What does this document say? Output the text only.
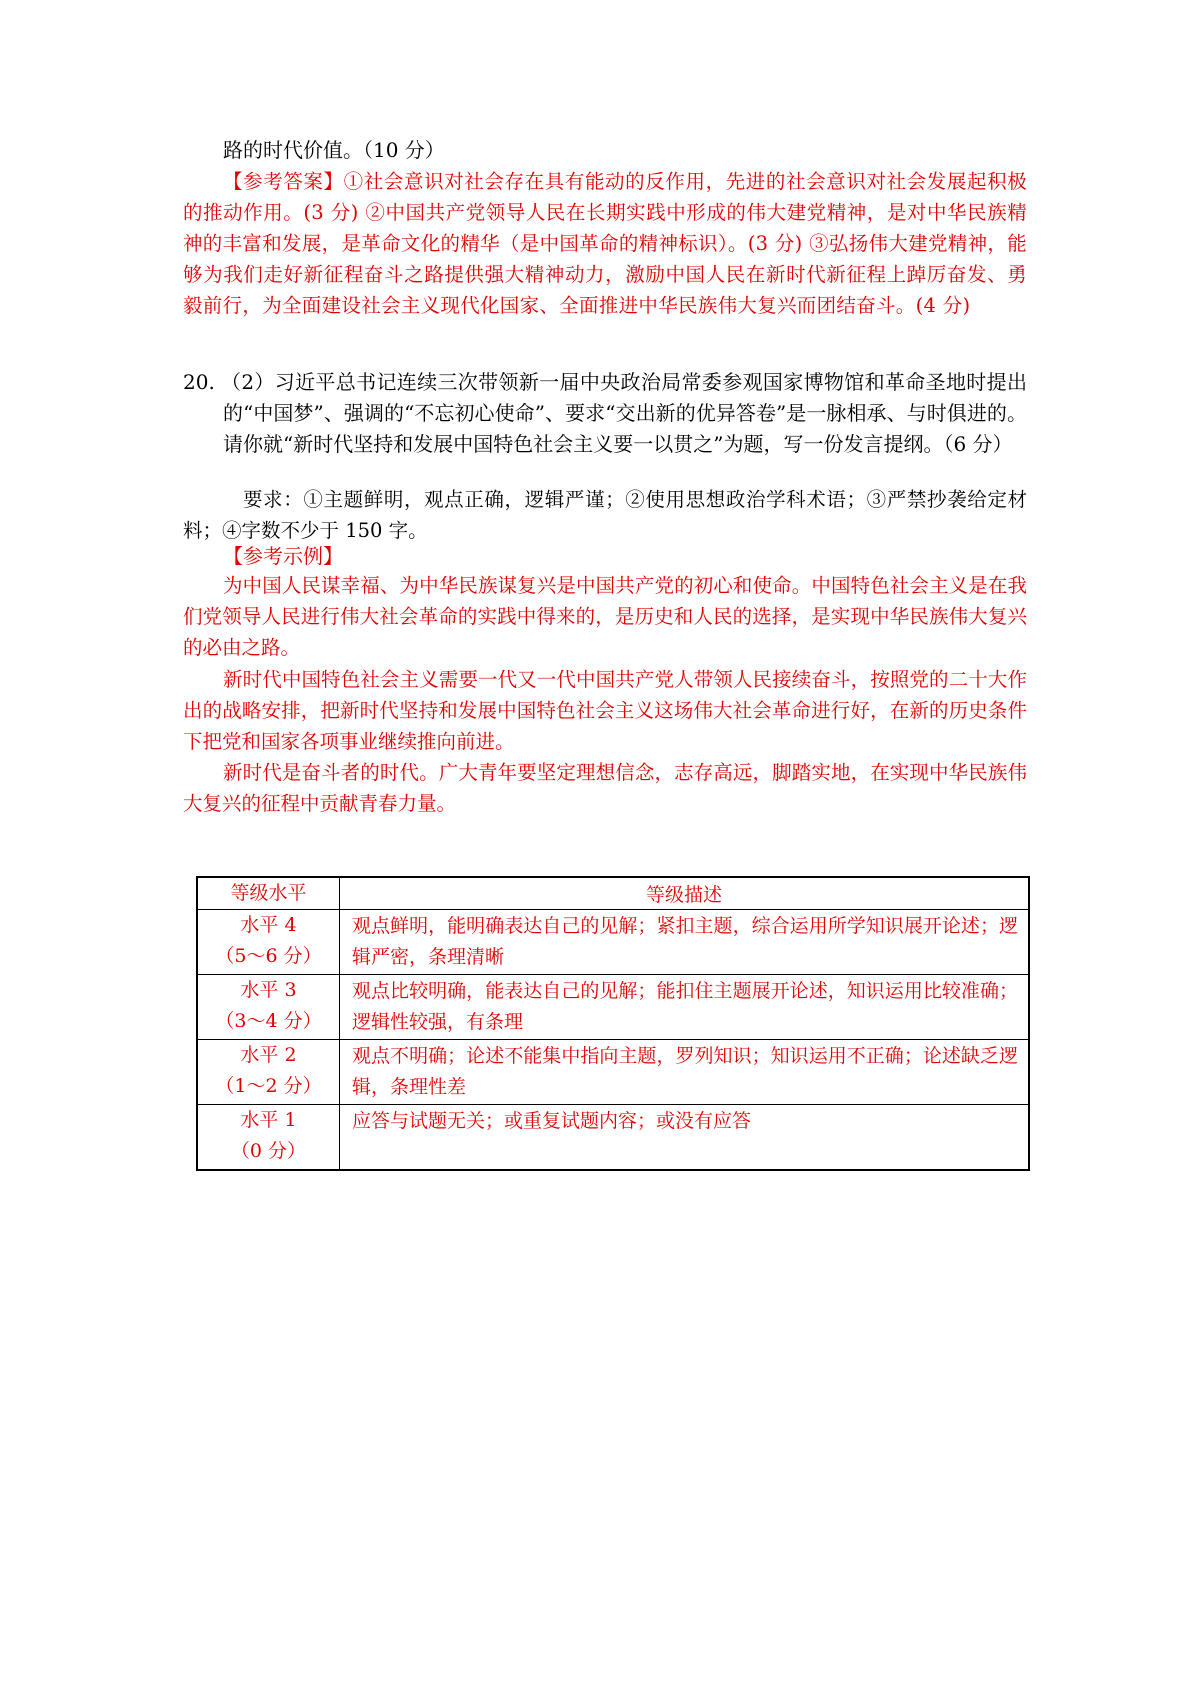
路的时代价值。（10 分）
【参考答案】①社会意识对社会存在具有能动的反作用，先进的社会意识对社会发展起积极的推动作用。(3 分) ②中国共产党领导人民在长期实践中形成的伟大建党精神，是对中华民族精神的丰富和发展，是革命文化的精华（是中国革命的精神标识）。(3 分) ③弘扬伟大建党精神，能够为我们走好新征程奋斗之路提供强大精神动力，激励中国人民在新时代新征程上踔厉奋发、勇毅前行，为全面建设社会主义现代化国家、全面推进中华民族伟大复兴而团结奋斗。(4 分)
20. （2）习近平总书记连续三次带领新一届中央政治局常委参观国家博物馆和革命圣地时提出的“中国梦”、强调的“不忘初心使命”、要求“交出新的优异答卷”是一脉相承、与时俱进的。请你就“新时代坚持和发展中国特色社会主义要一以贯之”为题，写一份发言提纲。（6 分）
要求：①主题鲜明，观点正确，逻辑严谨；②使用思想政治学科术语；③严禁抄袭给定材料；④字数不少于 150 字。
【参考示例】
为中国人民谋幸福、为中华民族谋复兴是中国共产党的初心和使命。中国特色社会主义是在我们党领导人民进行伟大社会革命的实践中得来的，是历史和人民的选择，是实现中华民族伟大复兴的必由之路。
新时代中国特色社会主义需要一代又一代中国共产党人带领人民接续奋斗，按照党的二十大作出的战略安排，把新时代坚持和发展中国特色社会主义这场伟大社会革命进行好，在新的历史条件下把党和国家各项事业继续推向前进。
新时代是奋斗者的时代。广大青年要坚定理想信念，志存高远，脚踏实地，在实现中华民族伟大复兴的征程中贡献青春力量。
等级水平	等级描述

水平 4
（5～6 分）	观点鲜明，能明确表达自己的见解；紧扣主题，综合运用所学知识展开论述；逻辑严密，条理清晰

水平 3
（3～4 分）	观点比较明确，能表达自己的见解；能扣住主题展开论述，知识运用比较准确；逻辑性较强，有条理

水平 2
（1～2 分）	观点不明确；论述不能集中指向主题，罗列知识；知识运用不正确；论述缺乏逻辑，条理性差

水平 1
（0 分）	应答与试题无关；或重复试题内容；或没有应答
